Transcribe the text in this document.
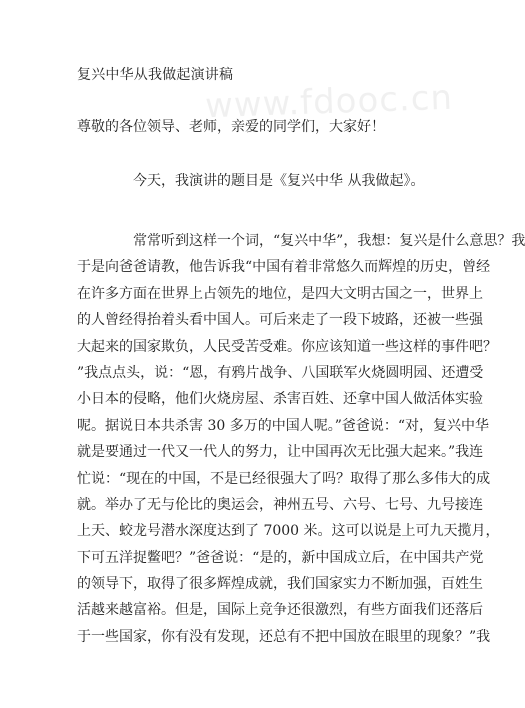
www.fdooc.cn
复兴中华从我做起演讲稿
尊敬的各位领导、老师，亲爱的同学们，大家好！
今天，我演讲的题目是《复兴中华 从我做起》。
常常听到这样一个词，“复兴中华”，我想：复兴是什么意思？我
于是向爸爸请教，他告诉我“中国有着非常悠久而辉煌的历史，曾经
在许多方面在世界上占领先的地位，是四大文明古国之一，世界上
的人曾经得抬着头看中国人。可后来走了一段下坡路，还被一些强
大起来的国家欺负，人民受苦受难。你应该知道一些这样的事件吧？
”我点点头，说：“恩，有鸦片战争、八国联军火烧圆明园、还遭受
小日本的侵略，他们火烧房屋、杀害百姓、还拿中国人做活体实验
呢。据说日本共杀害 30 多万的中国人呢。”爸爸说：“对，复兴中华
就是要通过一代又一代人的努力，让中国再次无比强大起来。”我连
忙说：“现在的中国，不是已经很强大了吗？取得了那么多伟大的成
就。举办了无与伦比的奥运会，神州五号、六号、七号、九号接连
上天、蛟龙号潜水深度达到了 7000 米。这可以说是上可九天揽月，
下可五洋捉鳖吧？”爸爸说：“是的，新中国成立后，在中国共产党
的领导下，取得了很多辉煌成就，我们国家实力不断加强，百姓生
活越来越富裕。但是，国际上竞争还很激烈，有些方面我们还落后
于一些国家，你有没有发现，还总有不把中国放在眼里的现象？”我
